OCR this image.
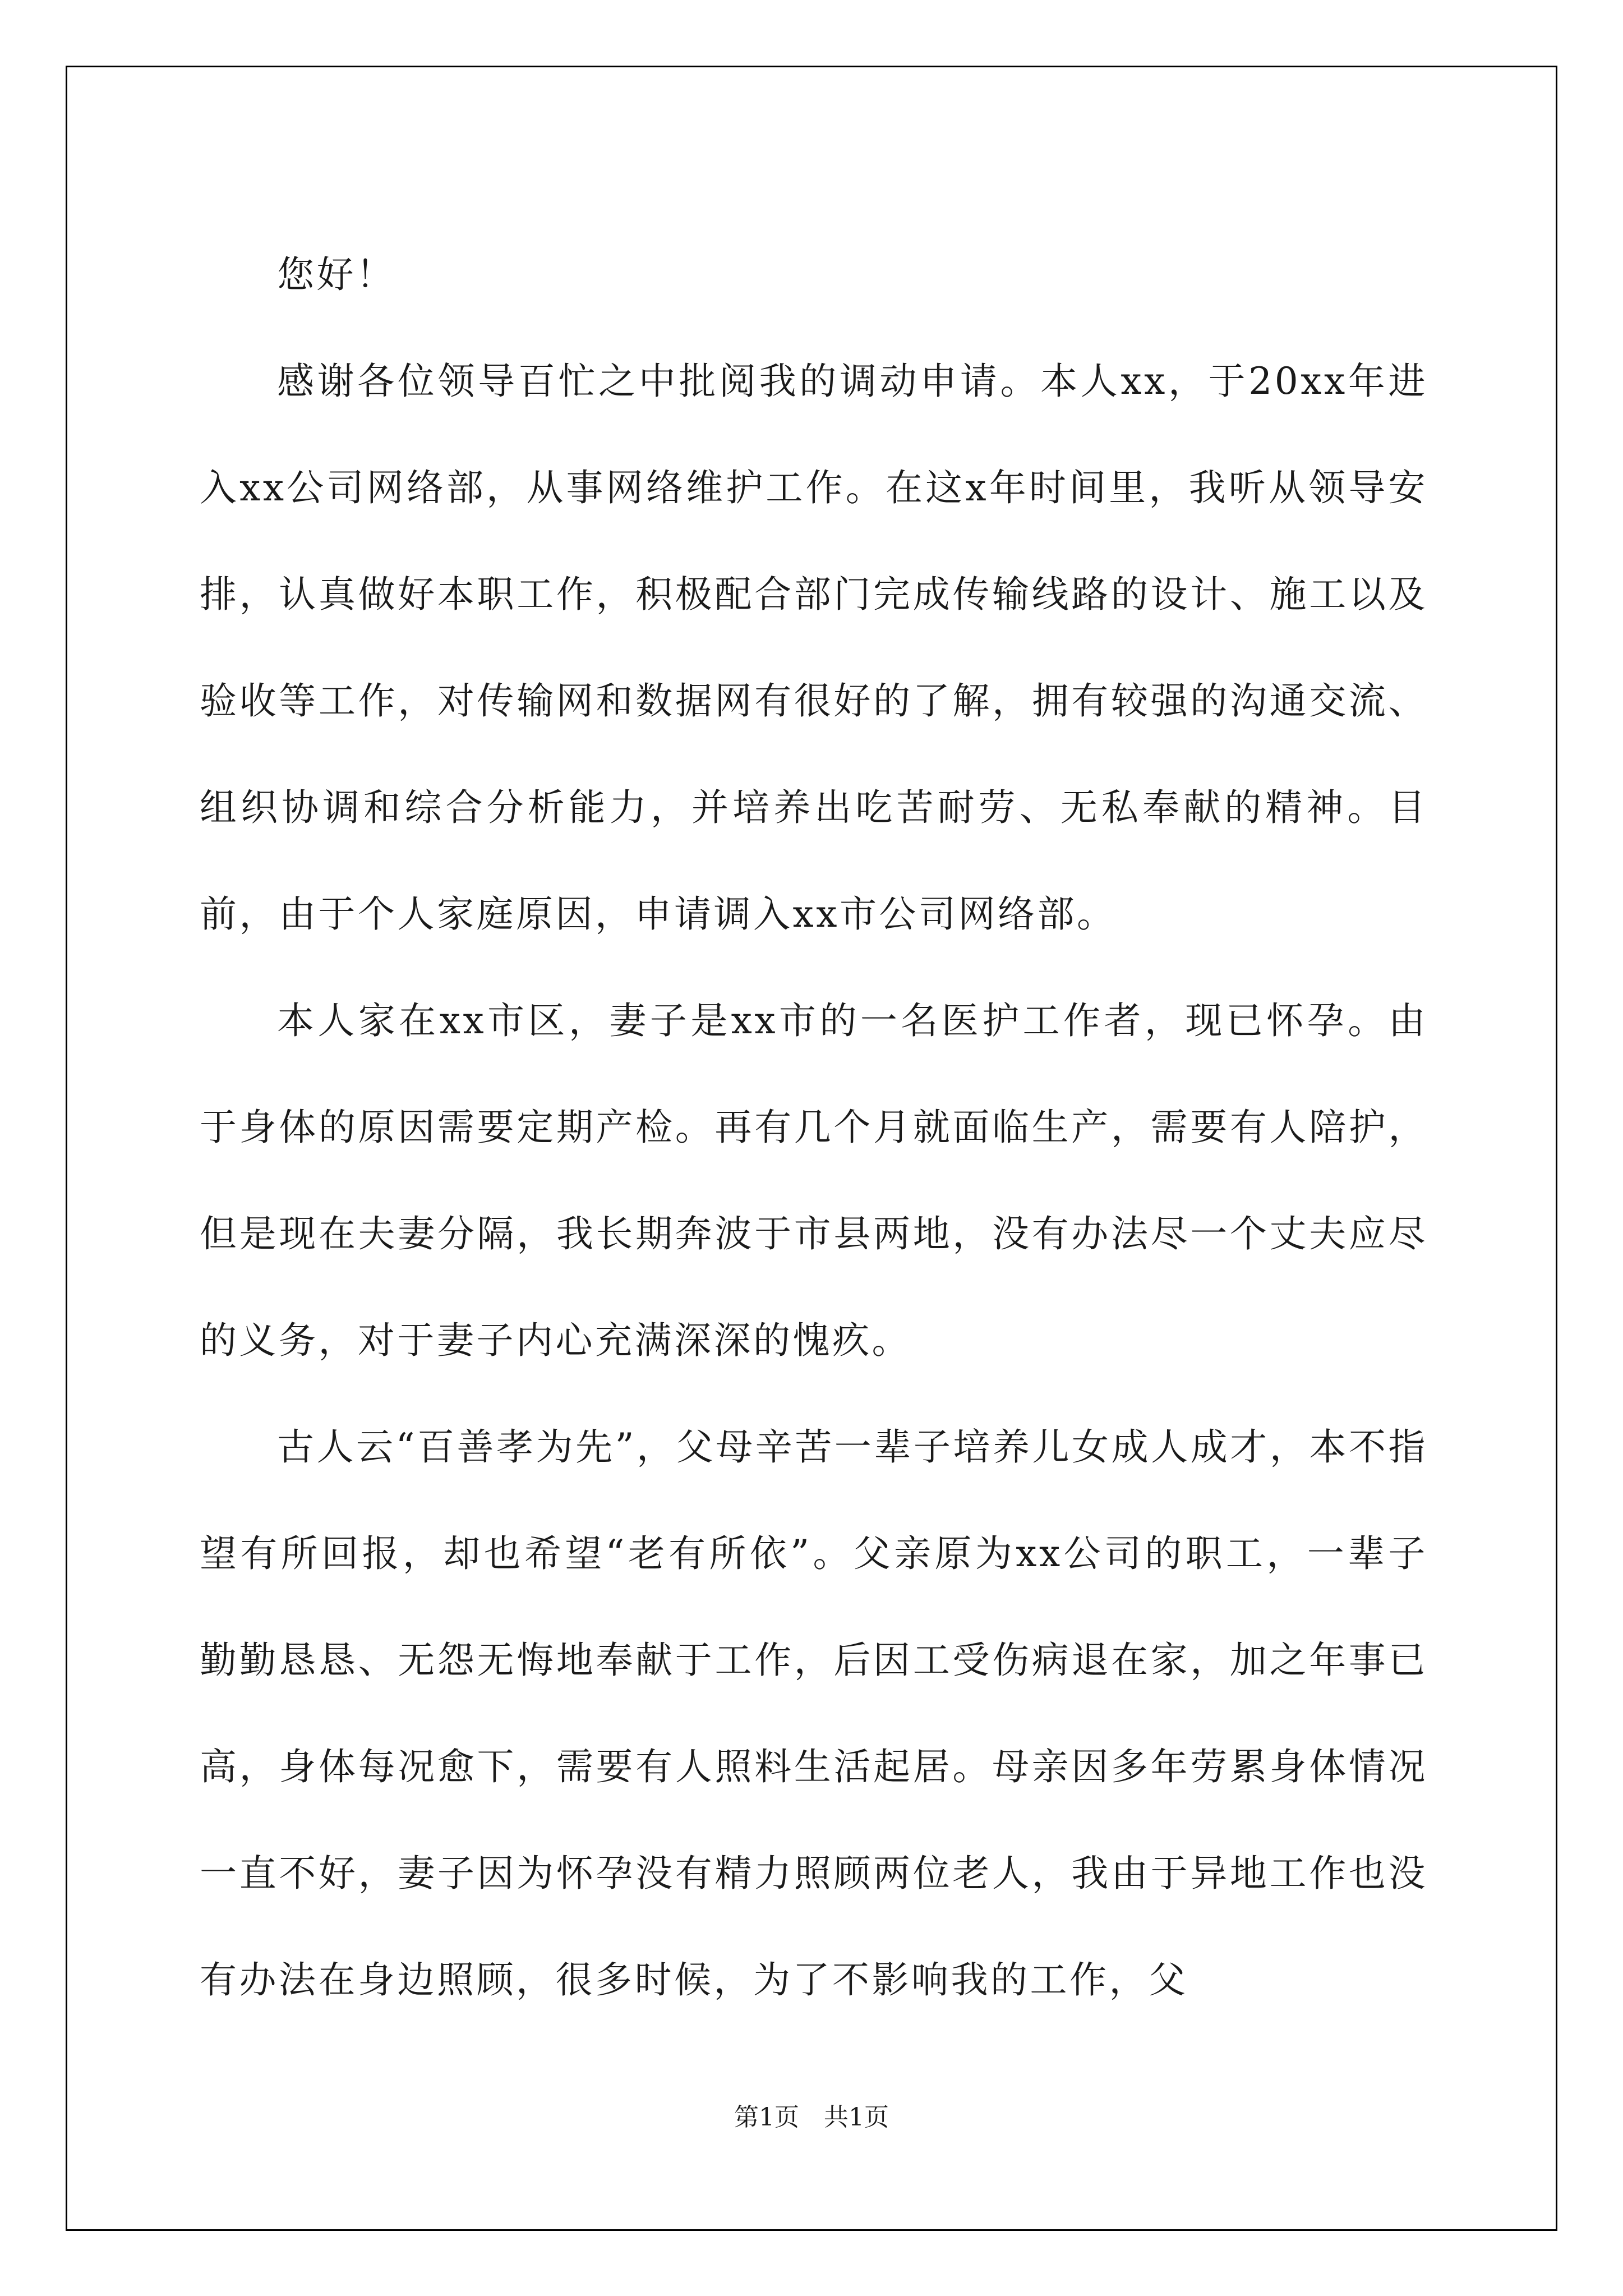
您好！

感谢各位领导百忙之中批阅我的调动申请。本人xx，于20xx年进入xx公司网络部，从事网络维护工作。在这x年时间里，我听从领导安排，认真做好本职工作，积极配合部门完成传输线路的设计、施工以及验收等工作，对传输网和数据网有很好的了解，拥有较强的沟通交流、组织协调和综合分析能力，并培养出吃苦耐劳、无私奉献的精神。目前，由于个人家庭原因，申请调入xx市公司网络部。

本人家在xx市区，妻子是xx市的一名医护工作者，现已怀孕。由于身体的原因需要定期产检。再有几个月就面临生产，需要有人陪护，但是现在夫妻分隔，我长期奔波于市县两地，没有办法尽一个丈夫应尽的义务，对于妻子内心充满深深的愧疚。

古人云“百善孝为先”，父母辛苦一辈子培养儿女成人成才，本不指望有所回报，却也希望“老有所依”。父亲原为xx公司的职工，一辈子勤勤恳恳、无怨无悔地奉献于工作，后因工受伤病退在家，加之年事已高，身体每况愈下，需要有人照料生活起居。母亲因多年劳累身体情况一直不好，妻子因为怀孕没有精力照顾两位老人，我由于异地工作也没有办法在身边照顾，很多时候，为了不影响我的工作，父

第1页 共1页
